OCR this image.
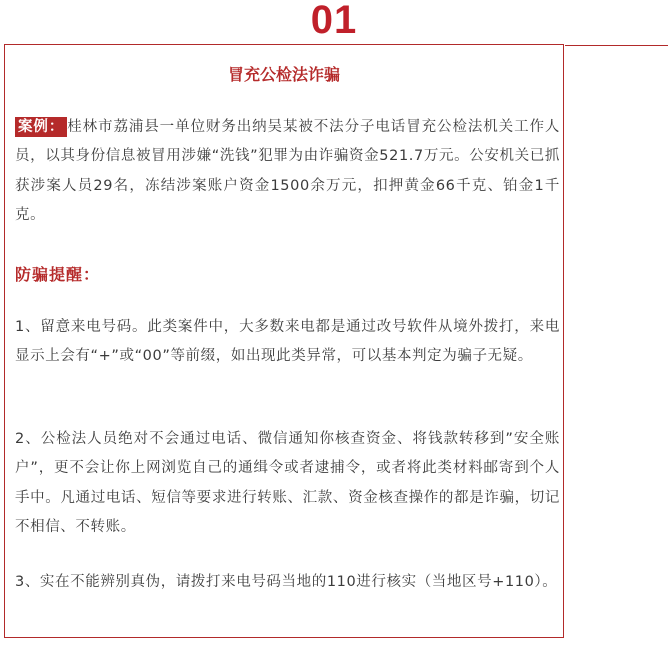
01
冒充公检法诈骗
案例： 桂林市荔浦县一单位财务出纳吴某被不法分子电话冒充公检法机关工作人员，以其身份信息被冒用涉嫌“洗钱”犯罪为由诈骗资金521.7万元。公安机关已抓获涉案人员29名，冻结涉案账户资金1500余万元，扣押黄金66千克、铂金1千克。
防骗提醒：
1、留意来电号码。此类案件中，大多数来电都是通过改号软件从境外拨打，来电显示上会有“+”或“00”等前缀，如出现此类异常，可以基本判定为骗子无疑。
2、公检法人员绝对不会通过电话、微信通知你核查资金、将钱款转移到”安全账户”，更不会让你上网浏览自己的通缉令或者逮捕令，或者将此类材料邮寄到个人手中。凡通过电话、短信等要求进行转账、汇款、资金核查操作的都是诈骗，切记不相信、不转账。
3、实在不能辨别真伪，请拨打来电号码当地的110进行核实（当地区号+110）。
